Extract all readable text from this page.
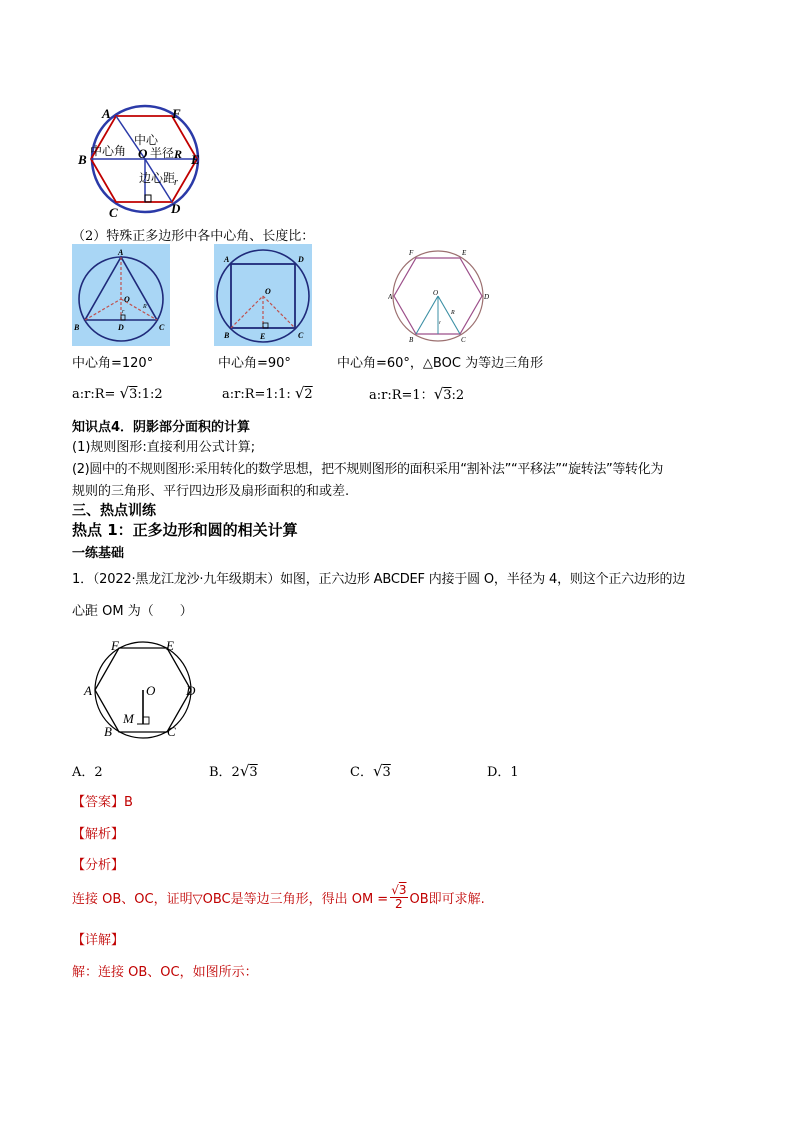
A	F
B	E
C	D
O R
中心
中心角 半径
边心距
r
（2）特殊正多边形中各中心角、长度比：
A
B	C
D
O
r
R
A	D
B	C
E
O
A
B	C
D
E
F
O
R
r
中心角=120°	中心角=90°	中心角=60°，△BOC 为等边三角形
a:r:R= √3:1:2	a:r:R=1:1: √2	a:r:R=1：√3:2
知识点4．阴影部分面积的计算
(1)规则图形:直接利用公式计算;
(2)圆中的不规则图形:采用转化的数学思想，把不规则图形的面积采用“割补法”“平移法”“旋转法”等转化为
规则的三角形、平行四边形及扇形面积的和或差.
三、热点训练
热点 1：正多边形和圆的相关计算
一练基础
1．（2022·黑龙江龙沙·九年级期末）如图，正六边形 ABCDEF 内接于圆 O，半径为 4，则这个正六边形的边
心距 OM 为（　　）
F	E
A	D
B	C
O
M
A．2	B．2√3	C．√3	D．1
【答案】B
【解析】
【分析】
连接 OB、OC，证明▽OBC是等边三角形，得出 OM = $\frac{√3}{2}$ OB即可求解.
【详解】
解：连接 OB、OC，如图所示：
